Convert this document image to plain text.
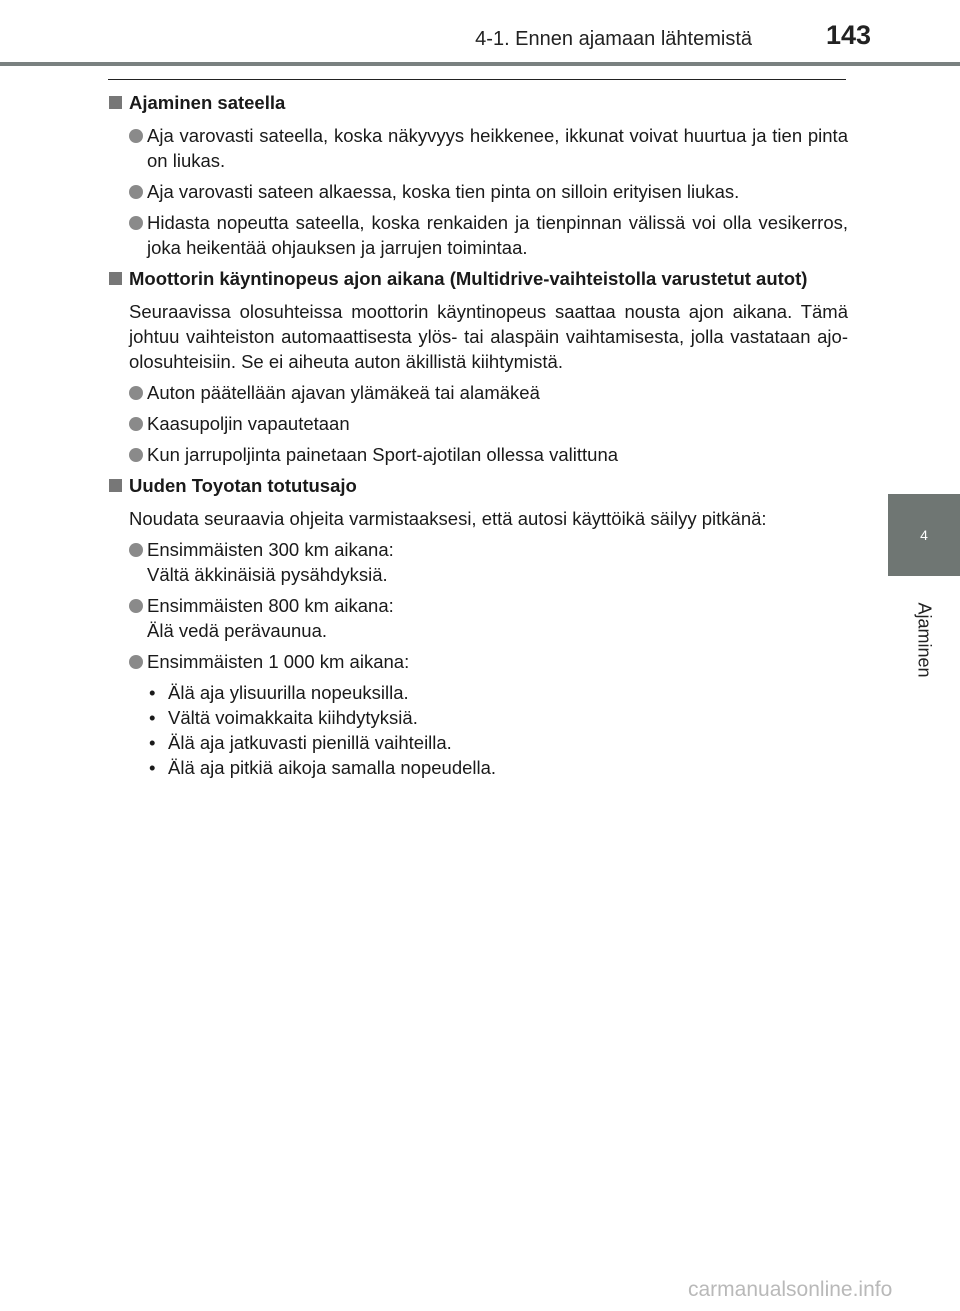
4-1. Ennen ajamaan lähtemistä	143
4
Ajaminen
Ajaminen sateella
Aja varovasti sateella, koska näkyvyys heikkenee, ikkunat voivat huurtua ja tien pinta on liukas.
Aja varovasti sateen alkaessa, koska tien pinta on silloin erityisen liukas.
Hidasta nopeutta sateella, koska renkaiden ja tienpinnan välissä voi olla vesikerros, joka heikentää ohjauksen ja jarrujen toimintaa.
Moottorin käyntinopeus ajon aikana (Multidrive-vaihteistolla varustetut autot)
Seuraavissa olosuhteissa moottorin käyntinopeus saattaa nousta ajon aikana. Tämä johtuu vaihteiston automaattisesta ylös- tai alaspäin vaihtamisesta, jolla vastataan ajo-olosuhteisiin. Se ei aiheuta auton äkillistä kiihtymistä.
Auton päätellään ajavan ylämäkeä tai alamäkeä
Kaasupoljin vapautetaan
Kun jarrupoljinta painetaan Sport-ajotilan ollessa valittuna
Uuden Toyotan totutusajo
Noudata seuraavia ohjeita varmistaaksesi, että autosi käyttöikä säilyy pitkänä:
Ensimmäisten 300 km aikana:
Vältä äkkinäisiä pysähdyksiä.
Ensimmäisten 800 km aikana:
Älä vedä perävaunua.
Ensimmäisten 1 000 km aikana:
• Älä aja ylisuurilla nopeuksilla.
• Vältä voimakkaita kiihdytyksiä.
• Älä aja jatkuvasti pienillä vaihteilla.
• Älä aja pitkiä aikoja samalla nopeudella.
carmanualsonline.info
